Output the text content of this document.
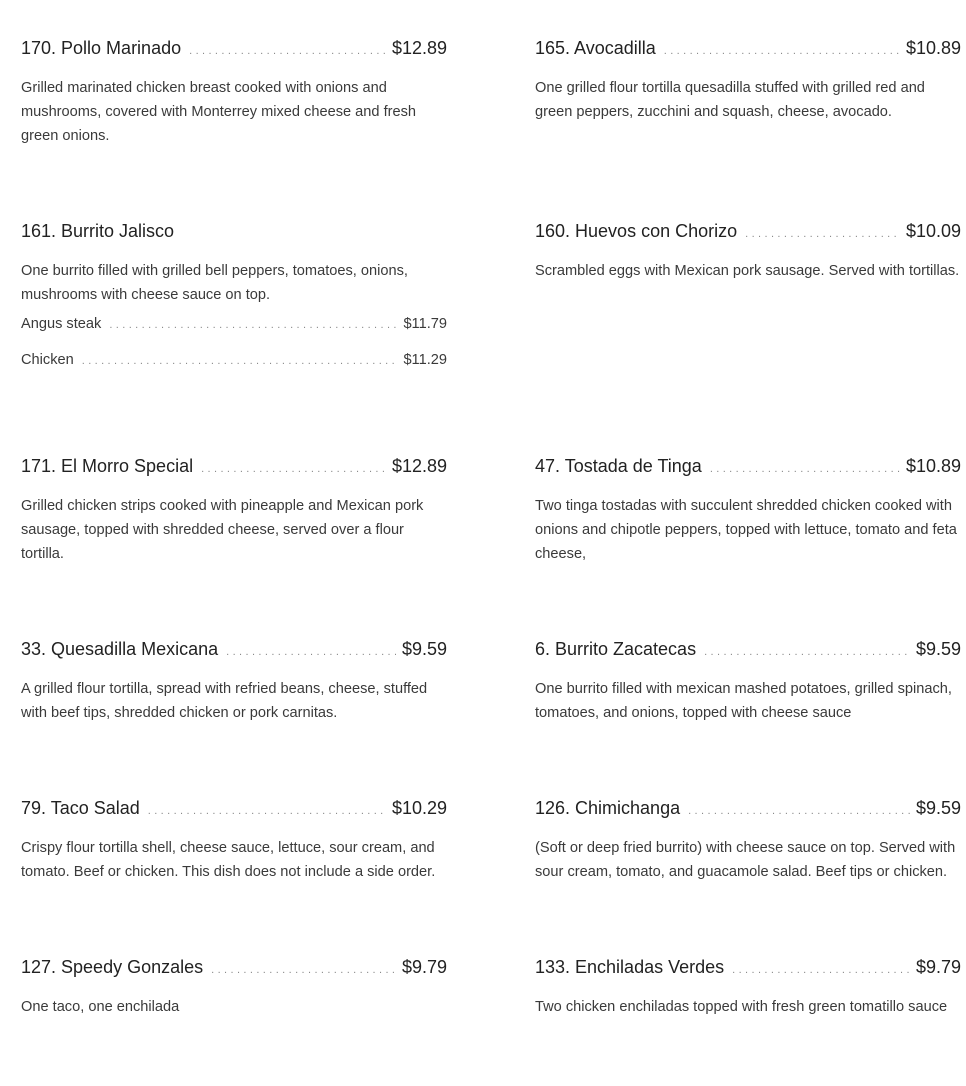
170. Pollo Marinado .....	$12.89
Grilled marinated chicken breast cooked with onions and mushrooms, covered with Monterrey mixed cheese and fresh green onions.
165. Avocadilla .....	$10.89
One grilled flour tortilla quesadilla stuffed with grilled red and green peppers, zucchini and squash, cheese, avocado.
161. Burrito Jalisco
One burrito filled with grilled bell peppers, tomatoes, onions, mushrooms with cheese sauce on top.
Angus steak .....	$11.79
Chicken .....	$11.29
160. Huevos con Chorizo .....	$10.09
Scrambled eggs with Mexican pork sausage. Served with tortillas.
171. El Morro Special .....	$12.89
Grilled chicken strips cooked with pineapple and Mexican pork sausage, topped with shredded cheese, served over a flour tortilla.
47. Tostada de Tinga .....	$10.89
Two tinga tostadas with succulent shredded chicken cooked with onions and chipotle peppers, topped with lettuce, tomato and feta cheese,
33. Quesadilla Mexicana .....	$9.59
A grilled flour tortilla, spread with refried beans, cheese, stuffed with beef tips, shredded chicken or pork carnitas.
6. Burrito Zacatecas .....	$9.59
One burrito filled with mexican mashed potatoes, grilled spinach, tomatoes, and onions, topped with cheese sauce
79. Taco Salad .....	$10.29
Crispy flour tortilla shell, cheese sauce, lettuce, sour cream, and tomato. Beef or chicken. This dish does not include a side order.
126. Chimichanga .....	$9.59
(Soft or deep fried burrito) with cheese sauce on top. Served with sour cream, tomato, and guacamole salad. Beef tips or chicken.
127. Speedy Gonzales .....	$9.79
One taco, one enchilada
133. Enchiladas Verdes .....	$9.79
Two chicken enchiladas topped with fresh green tomatillo sauce
